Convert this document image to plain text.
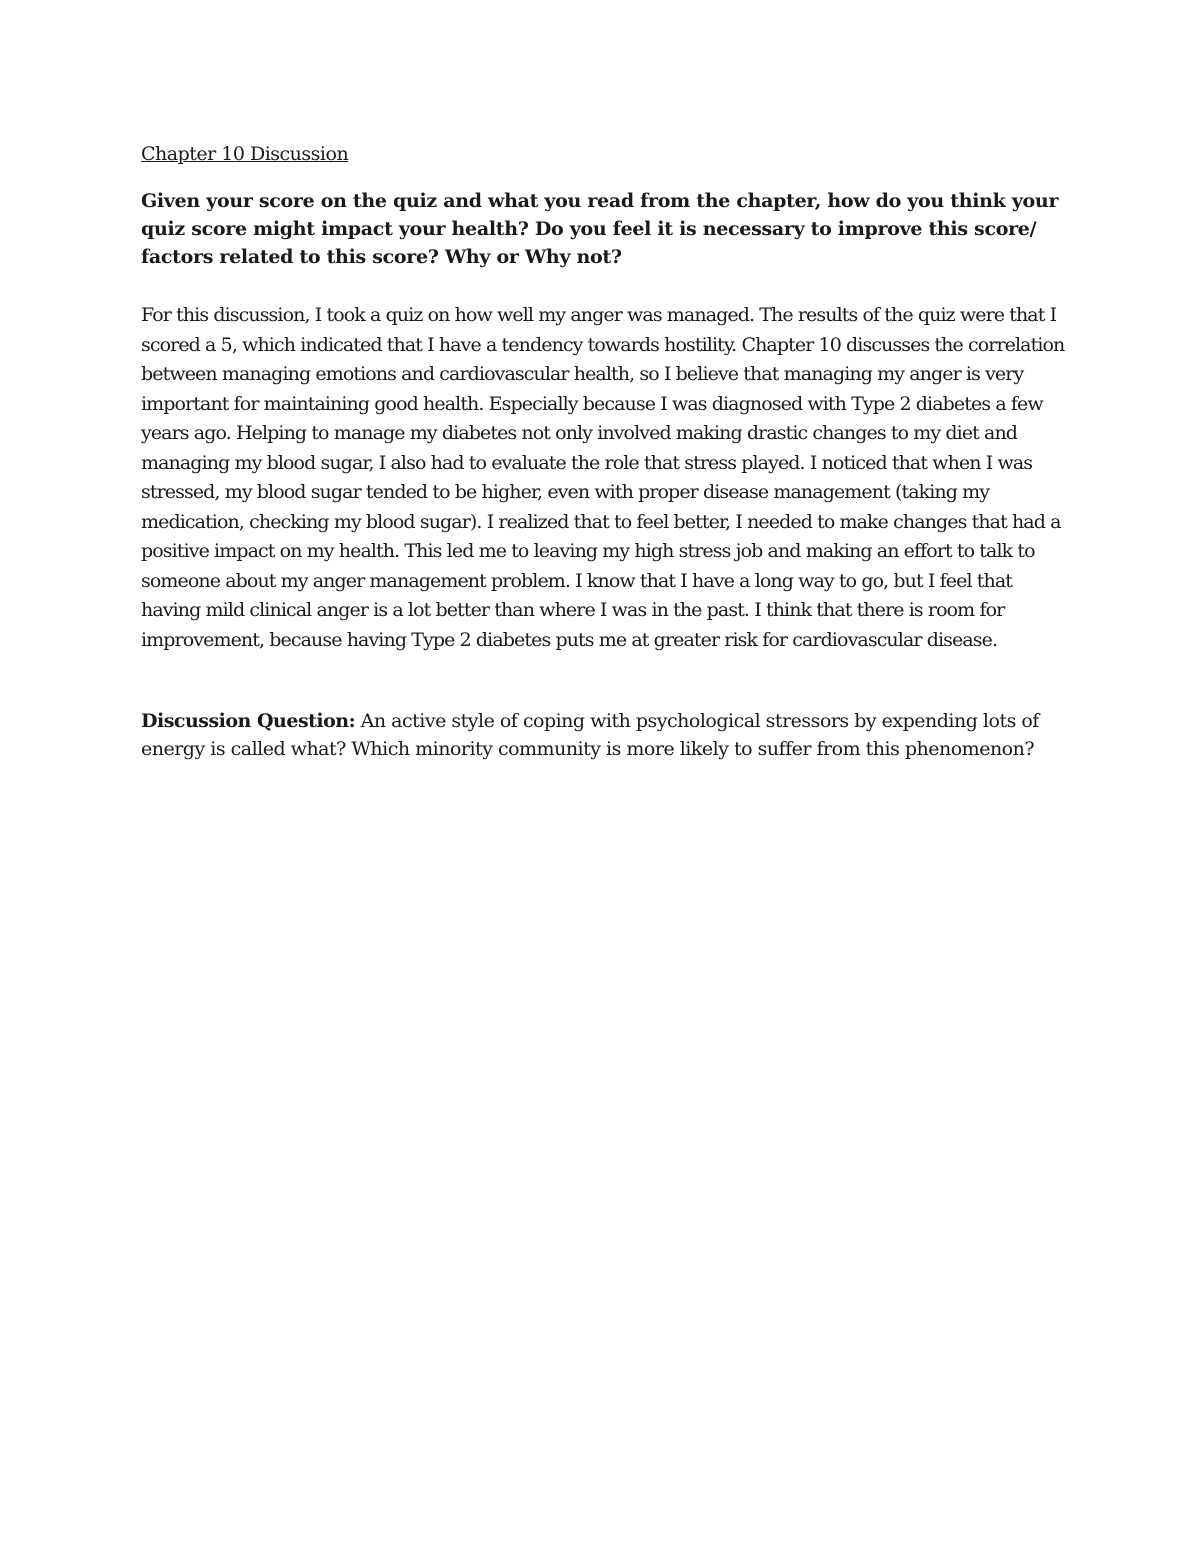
Chapter 10 Discussion

Given your score on the quiz and what you read from the chapter, how do you think your quiz score might impact your health? Do you feel it is necessary to improve this score/ factors related to this score? Why or Why not?

For this discussion, I took a quiz on how well my anger was managed. The results of the quiz were that I scored a 5, which indicated that I have a tendency towards hostility. Chapter 10 discusses the correlation between managing emotions and cardiovascular health, so I believe that managing my anger is very important for maintaining good health. Especially because I was diagnosed with Type 2 diabetes a few years ago. Helping to manage my diabetes not only involved making drastic changes to my diet and managing my blood sugar, I also had to evaluate the role that stress played. I noticed that when I was stressed, my blood sugar tended to be higher, even with proper disease management (taking my medication, checking my blood sugar). I realized that to feel better, I needed to make changes that had a positive impact on my health. This led me to leaving my high stress job and making an effort to talk to someone about my anger management problem. I know that I have a long way to go, but I feel that having mild clinical anger is a lot better than where I was in the past. I think that there is room for improvement, because having Type 2 diabetes puts me at greater risk for cardiovascular disease.

Discussion Question: An active style of coping with psychological stressors by expending lots of energy is called what? Which minority community is more likely to suffer from this phenomenon?
